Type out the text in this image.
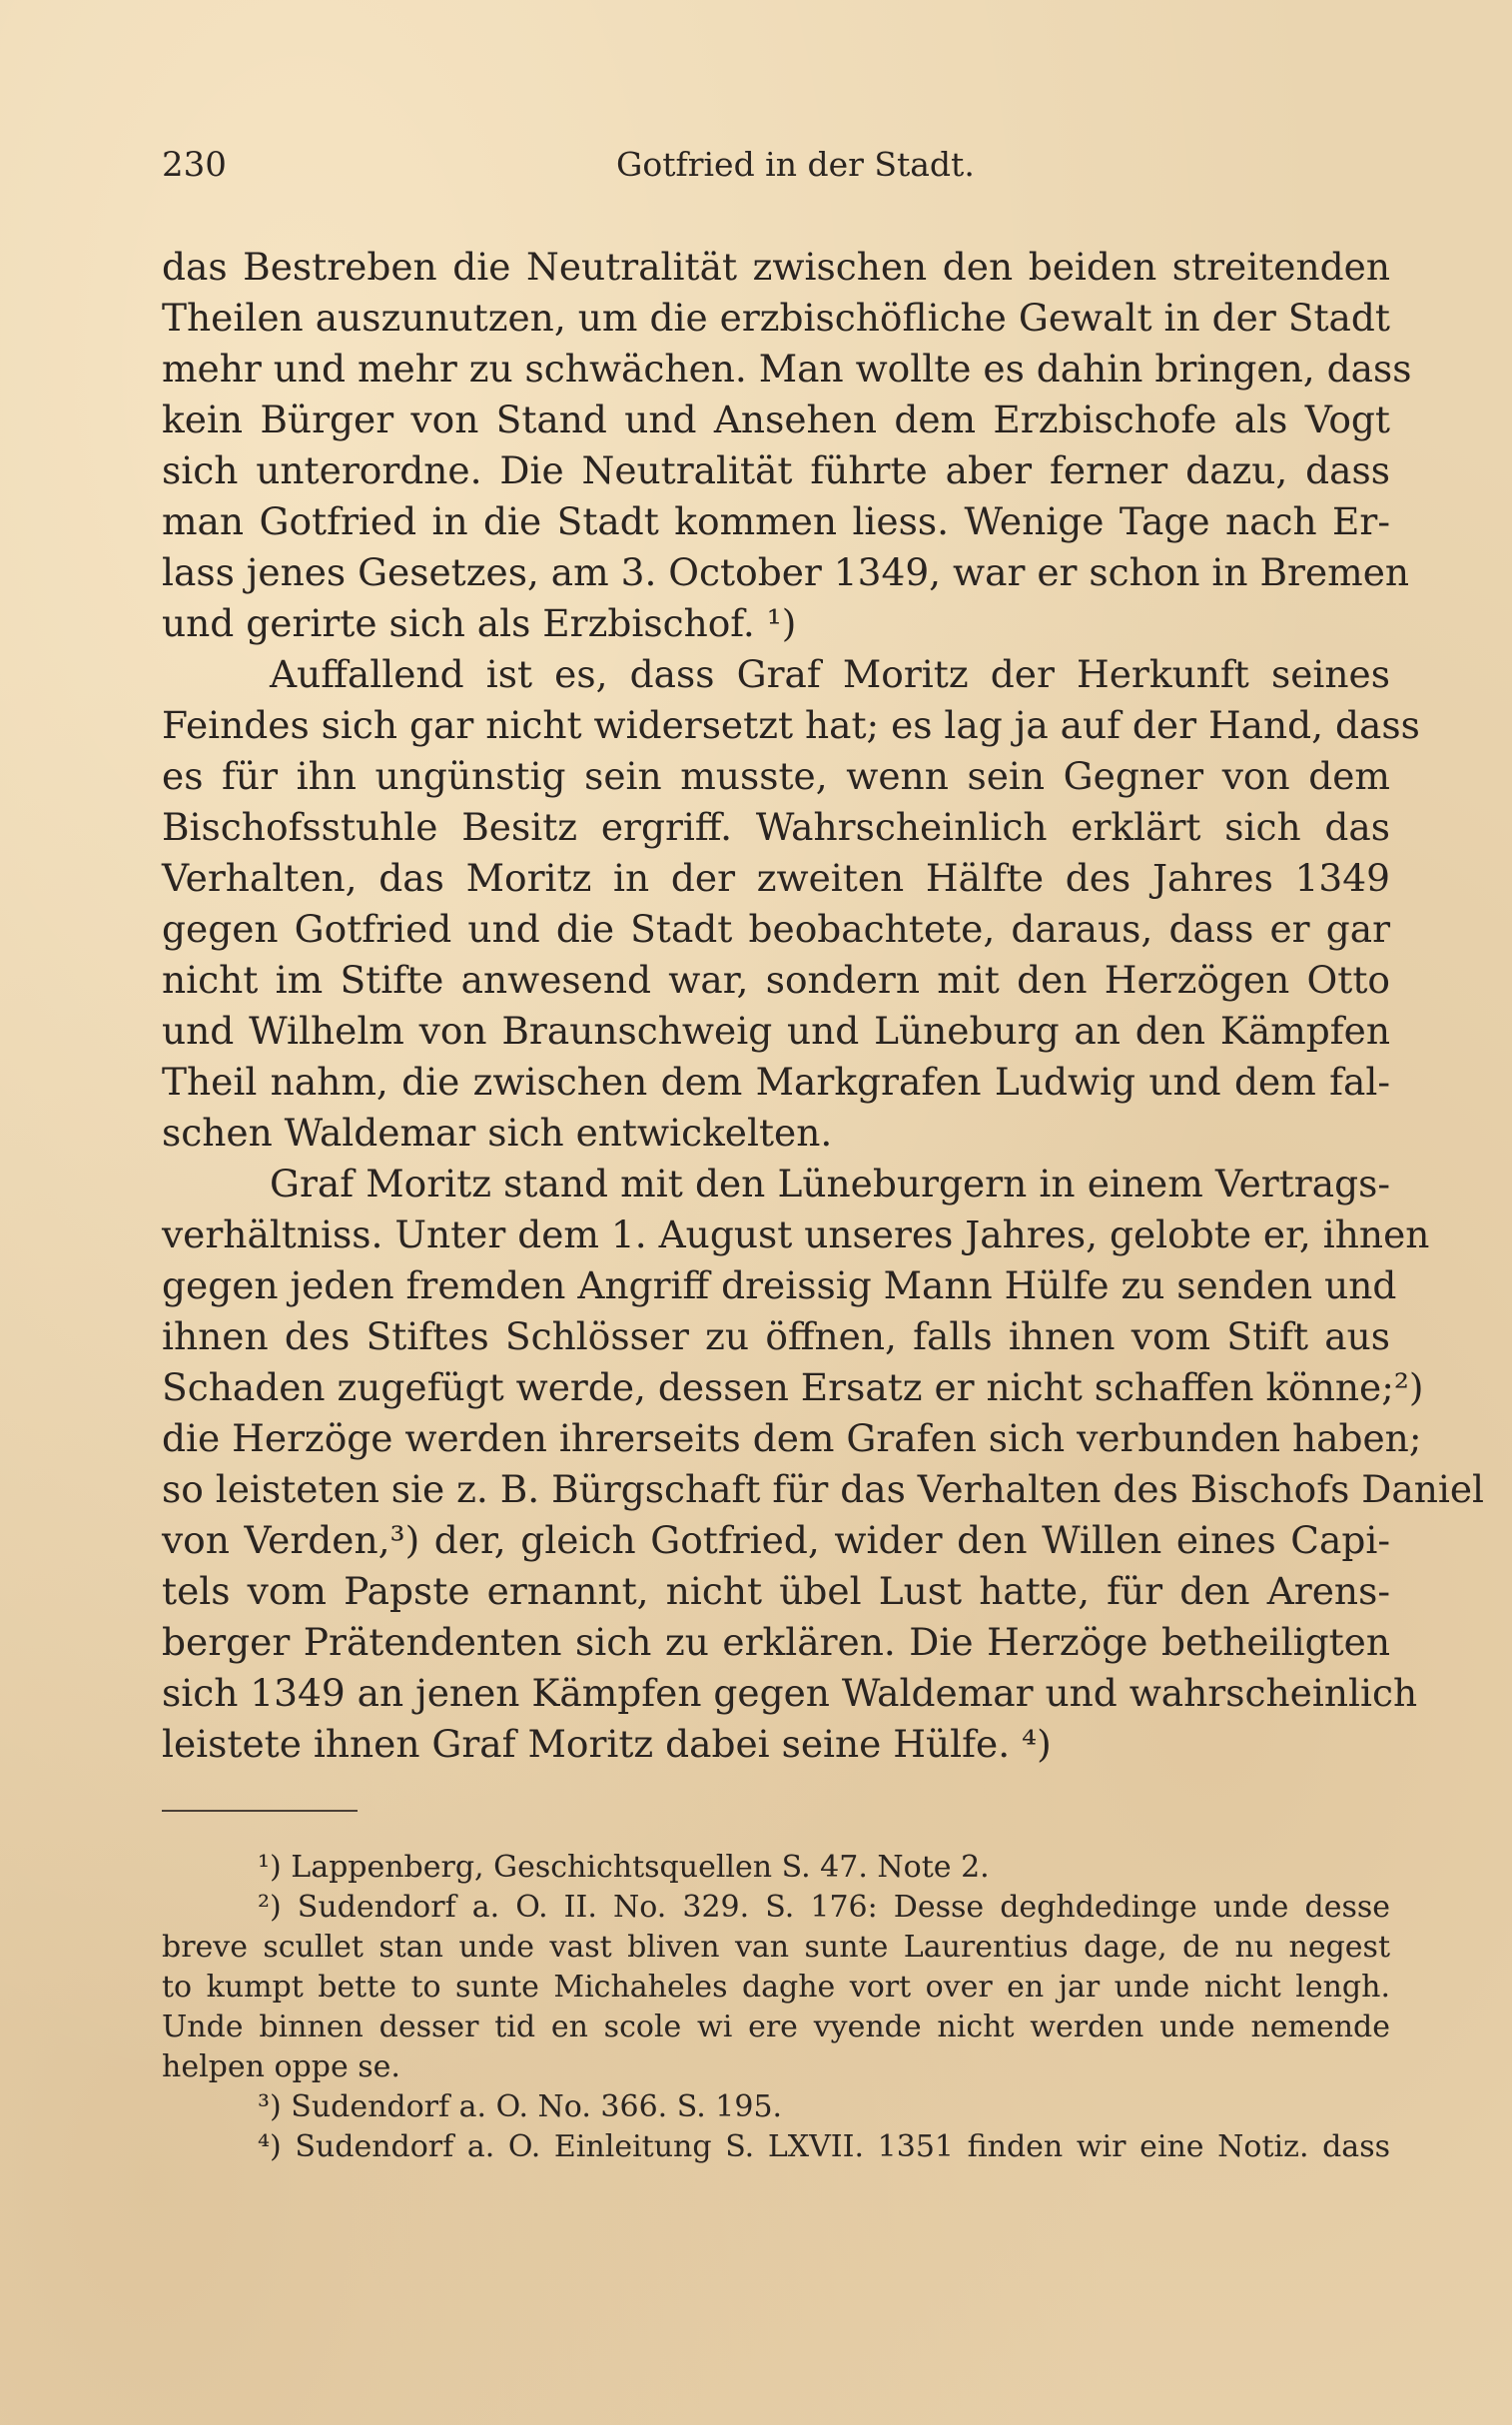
230	Gotfried in der Stadt.
das Bestreben die Neutralität zwischen den beiden streitenden
Theilen auszunutzen, um die erzbischöfliche Gewalt in der Stadt
mehr und mehr zu schwächen. Man wollte es dahin bringen, dass
kein Bürger von Stand und Ansehen dem Erzbischofe als Vogt
sich unterordne. Die Neutralität führte aber ferner dazu, dass
man Gotfried in die Stadt kommen liess. Wenige Tage nach Er-
lass jenes Gesetzes, am 3. October 1349, war er schon in Bremen
und gerirte sich als Erzbischof. ¹)
Auffallend ist es, dass Graf Moritz der Herkunft seines
Feindes sich gar nicht widersetzt hat; es lag ja auf der Hand, dass
es für ihn ungünstig sein musste, wenn sein Gegner von dem
Bischofsstuhle Besitz ergriff. Wahrscheinlich erklärt sich das
Verhalten, das Moritz in der zweiten Hälfte des Jahres 1349
gegen Gotfried und die Stadt beobachtete, daraus, dass er gar
nicht im Stifte anwesend war, sondern mit den Herzögen Otto
und Wilhelm von Braunschweig und Lüneburg an den Kämpfen
Theil nahm, die zwischen dem Markgrafen Ludwig und dem fal-
schen Waldemar sich entwickelten.
Graf Moritz stand mit den Lüneburgern in einem Vertrags-
verhältniss. Unter dem 1. August unseres Jahres, gelobte er, ihnen
gegen jeden fremden Angriff dreissig Mann Hülfe zu senden und
ihnen des Stiftes Schlösser zu öffnen, falls ihnen vom Stift aus
Schaden zugefügt werde, dessen Ersatz er nicht schaffen könne;²)
die Herzöge werden ihrerseits dem Grafen sich verbunden haben;
so leisteten sie z. B. Bürgschaft für das Verhalten des Bischofs Daniel
von Verden,³) der, gleich Gotfried, wider den Willen eines Capi-
tels vom Papste ernannt, nicht übel Lust hatte, für den Arens-
berger Prätendenten sich zu erklären. Die Herzöge betheiligten
sich 1349 an jenen Kämpfen gegen Waldemar und wahrscheinlich
leistete ihnen Graf Moritz dabei seine Hülfe. ⁴)
¹) Lappenberg, Geschichtsquellen S. 47. Note 2.
²) Sudendorf a. O. II. No. 329. S. 176: Desse deghdedinge unde desse
breve scullet stan unde vast bliven van sunte Laurentius dage, de nu negest
to kumpt bette to sunte Michaheles daghe vort over en jar unde nicht lengh.
Unde binnen desser tid en scole wi ere vyende nicht werden unde nemende
helpen oppe se.
³) Sudendorf a. O. No. 366. S. 195.
⁴) Sudendorf a. O. Einleitung S. LXVII. 1351 finden wir eine Notiz. dass
